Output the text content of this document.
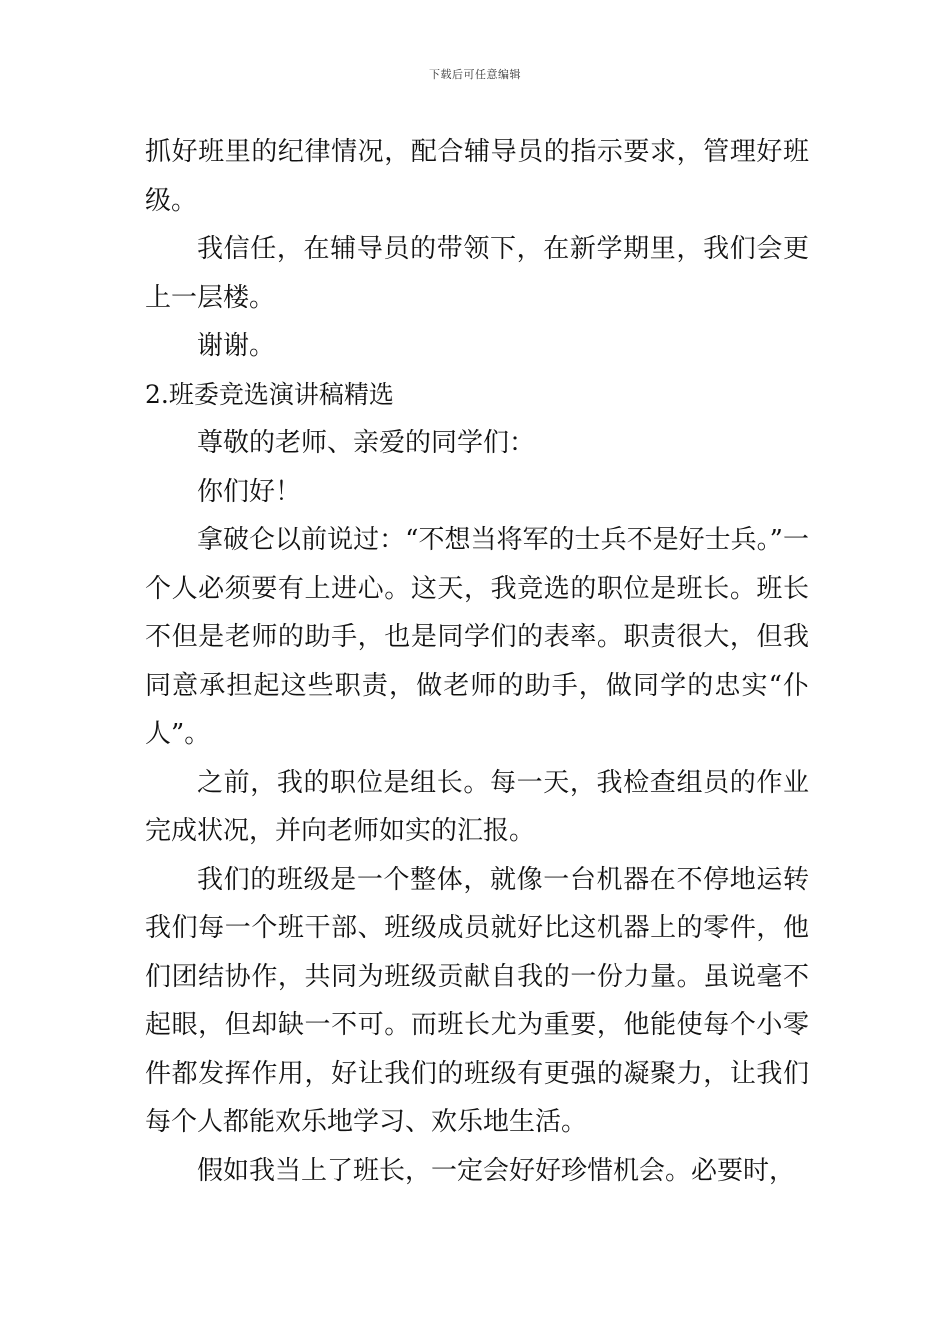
下载后可任意编辑

抓好班里的纪律情况，配合辅导员的指示要求，管理好班级。

我信任，在辅导员的带领下，在新学期里，我们会更上一层楼。

谢谢。

2.班委竞选演讲稿精选

尊敬的老师、亲爱的同学们：

你们好！

拿破仑以前说过：“不想当将军的士兵不是好士兵。”一个人必须要有上进心。这天，我竞选的职位是班长。班长不但是老师的助手，也是同学们的表率。职责很大，但我同意承担起这些职责，做老师的助手，做同学的忠实“仆人”。

之前，我的职位是组长。每一天，我检查组员的作业完成状况，并向老师如实的汇报。

我们的班级是一个整体，就像一台机器在不停地运转我们每一个班干部、班级成员就好比这机器上的零件，他们团结协作，共同为班级贡献自我的一份力量。虽说毫不起眼，但却缺一不可。而班长尤为重要，他能使每个小零件都发挥作用，好让我们的班级有更强的凝聚力，让我们每个人都能欢乐地学习、欢乐地生活。

假如我当上了班长，一定会好好珍惜机会。必要时，
